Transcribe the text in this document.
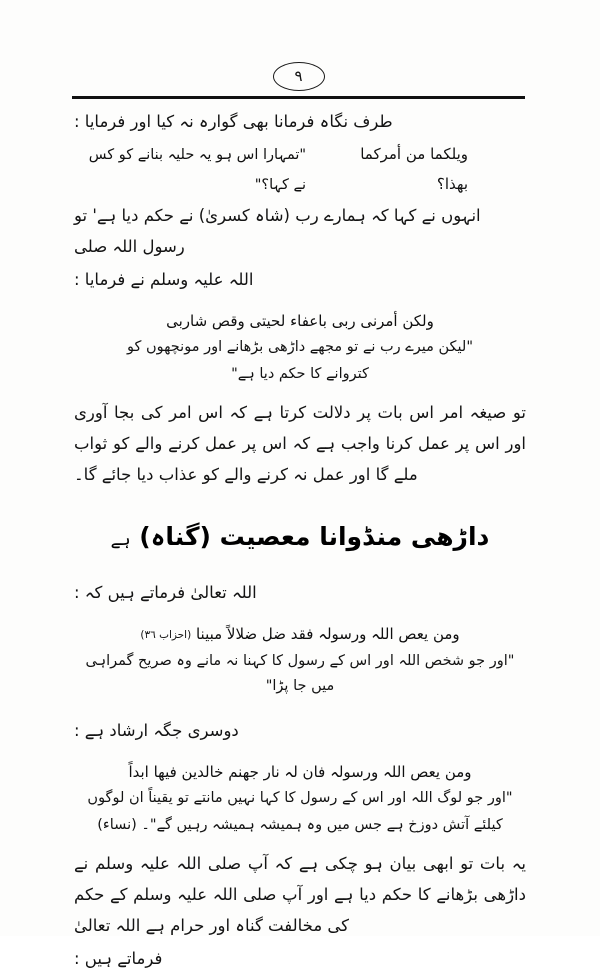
٩

طرف نگاہ فرمانا بھی گوارہ نہ کیا اور فرمایا :

ویلکما من أمرکما بھذا؟
"تمہارا اس ہو یہ حلیہ بنانے کو کس نے کہا؟"

انہوں نے کہا کہ ہمارے رب (شاہ کسریٰ) نے حکم دیا ہے' تو رسول اللہ صلی

اللہ علیہ وسلم نے فرمایا :

ولکن أمرنی ربی باعفاء لحیتی وقص شاربی

"لیکن میرے رب نے تو مجھے داڑھی بڑھانے اور مونچھوں کو

کتروانے کا حکم دیا ہے"

تو صیغہ امر اس بات پر دلالت کرتا ہے کہ اس امر کی بجا آوری اور اس پر عمل کرنا واجب ہے کہ اس پر عمل کرنے والے کو ثواب ملے گا اور عمل نہ کرنے والے کو عذاب دیا جائے گا۔

داڑھی منڈوانا معصیت (گناہ) ہے

اللہ تعالیٰ فرماتے ہیں کہ :

ومن یعص اللہ ورسولہ فقد ضل ضلالاً مبینا (احزاب ٣٦)

"اور جو شخص اللہ اور اس کے رسول کا کہنا نہ مانے وہ صریح گمراہی میں جا پڑا"

دوسری جگہ ارشاد ہے :

ومن یعص اللہ ورسولہ فان لہ نار جھنم خالدین فیھا ابداً

"اور جو لوگ اللہ اور اس کے رسول کا کہا نہیں مانتے تو یقیناً ان لوگوں

کیلئے آتش دوزخ ہے جس میں وہ ہمیشہ ہمیشہ رہیں گے"۔ (نساء)

یہ بات تو ابھی بیان ہو چکی ہے کہ آپ صلی اللہ علیہ وسلم نے داڑھی بڑھانے کا حکم دیا ہے اور آپ صلی اللہ علیہ وسلم کے حکم کی مخالفت گناہ اور حرام ہے اللہ تعالیٰ

فرماتے ہیں :
